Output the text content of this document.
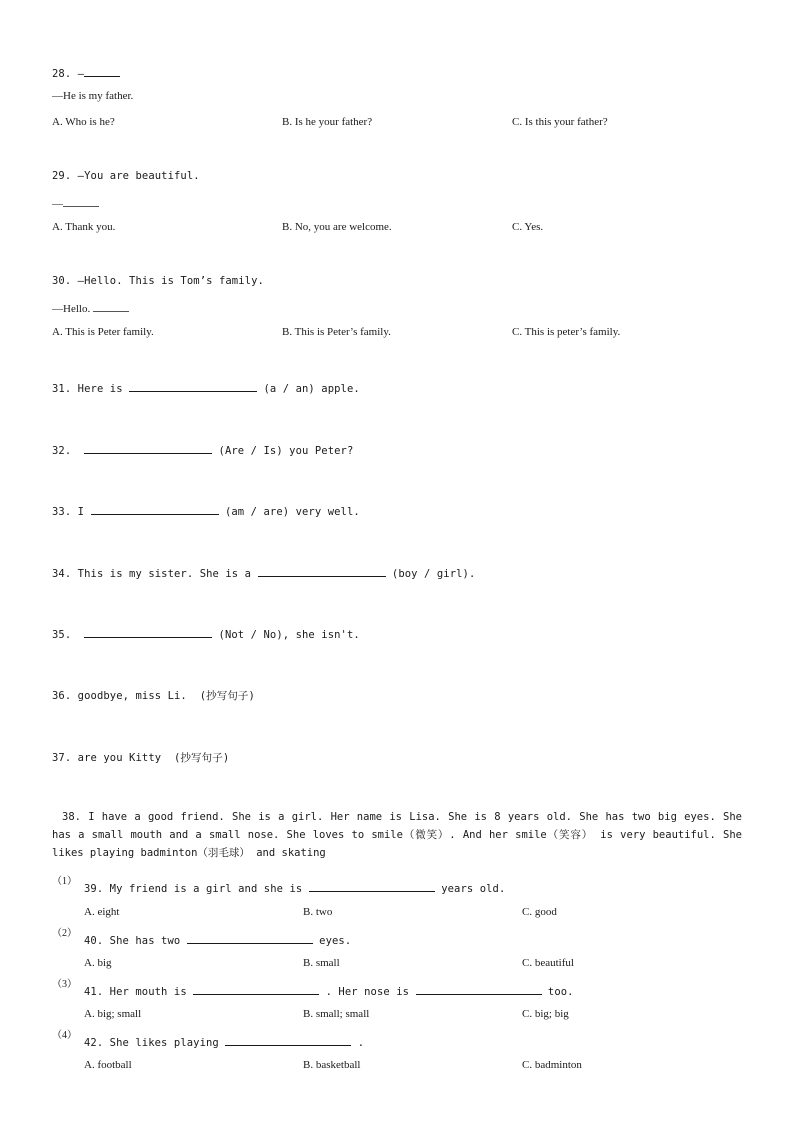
28. —
—He is my father.
A. Who is he?	B. Is he your father?	C. Is this your father?
29. —You are beautiful.
—
A. Thank you.	B. No, you are welcome.	C. Yes.
30. —Hello. This is Tom’s family.
—Hello.
A. This is Peter family.	B. This is Peter’s family.	C. This is peter’s family.
31. Here is	(a / an) apple.
32.	(Are / Is) you Peter?
33. I	(am / are) very well.
34. This is my sister. She is a	(boy / girl).
35.	(Not / No), she isn't.
36. goodbye, miss Li.  (抄写句子)
37. are you Kitty  (抄写句子)
38. I have a good friend. She is a girl. Her name is Lisa. She is 8 years old. She has two big eyes. She has a small mouth and a small nose. She loves to smile（微笑）. And her smile（笑容） is very beautiful. She likes playing badminton（羽毛球） and skating
（1）
39. My friend is a girl and she is	years old.
A. eight	B. two	C. good
（2）
40. She has two	eyes.
A. big	B. small	C. beautiful
（3）
41. Her mouth is	. Her nose is	too.
A. big; small	B. small; small	C. big; big
（4）
42. She likes playing	.
A. football	B. basketball	C. badminton
